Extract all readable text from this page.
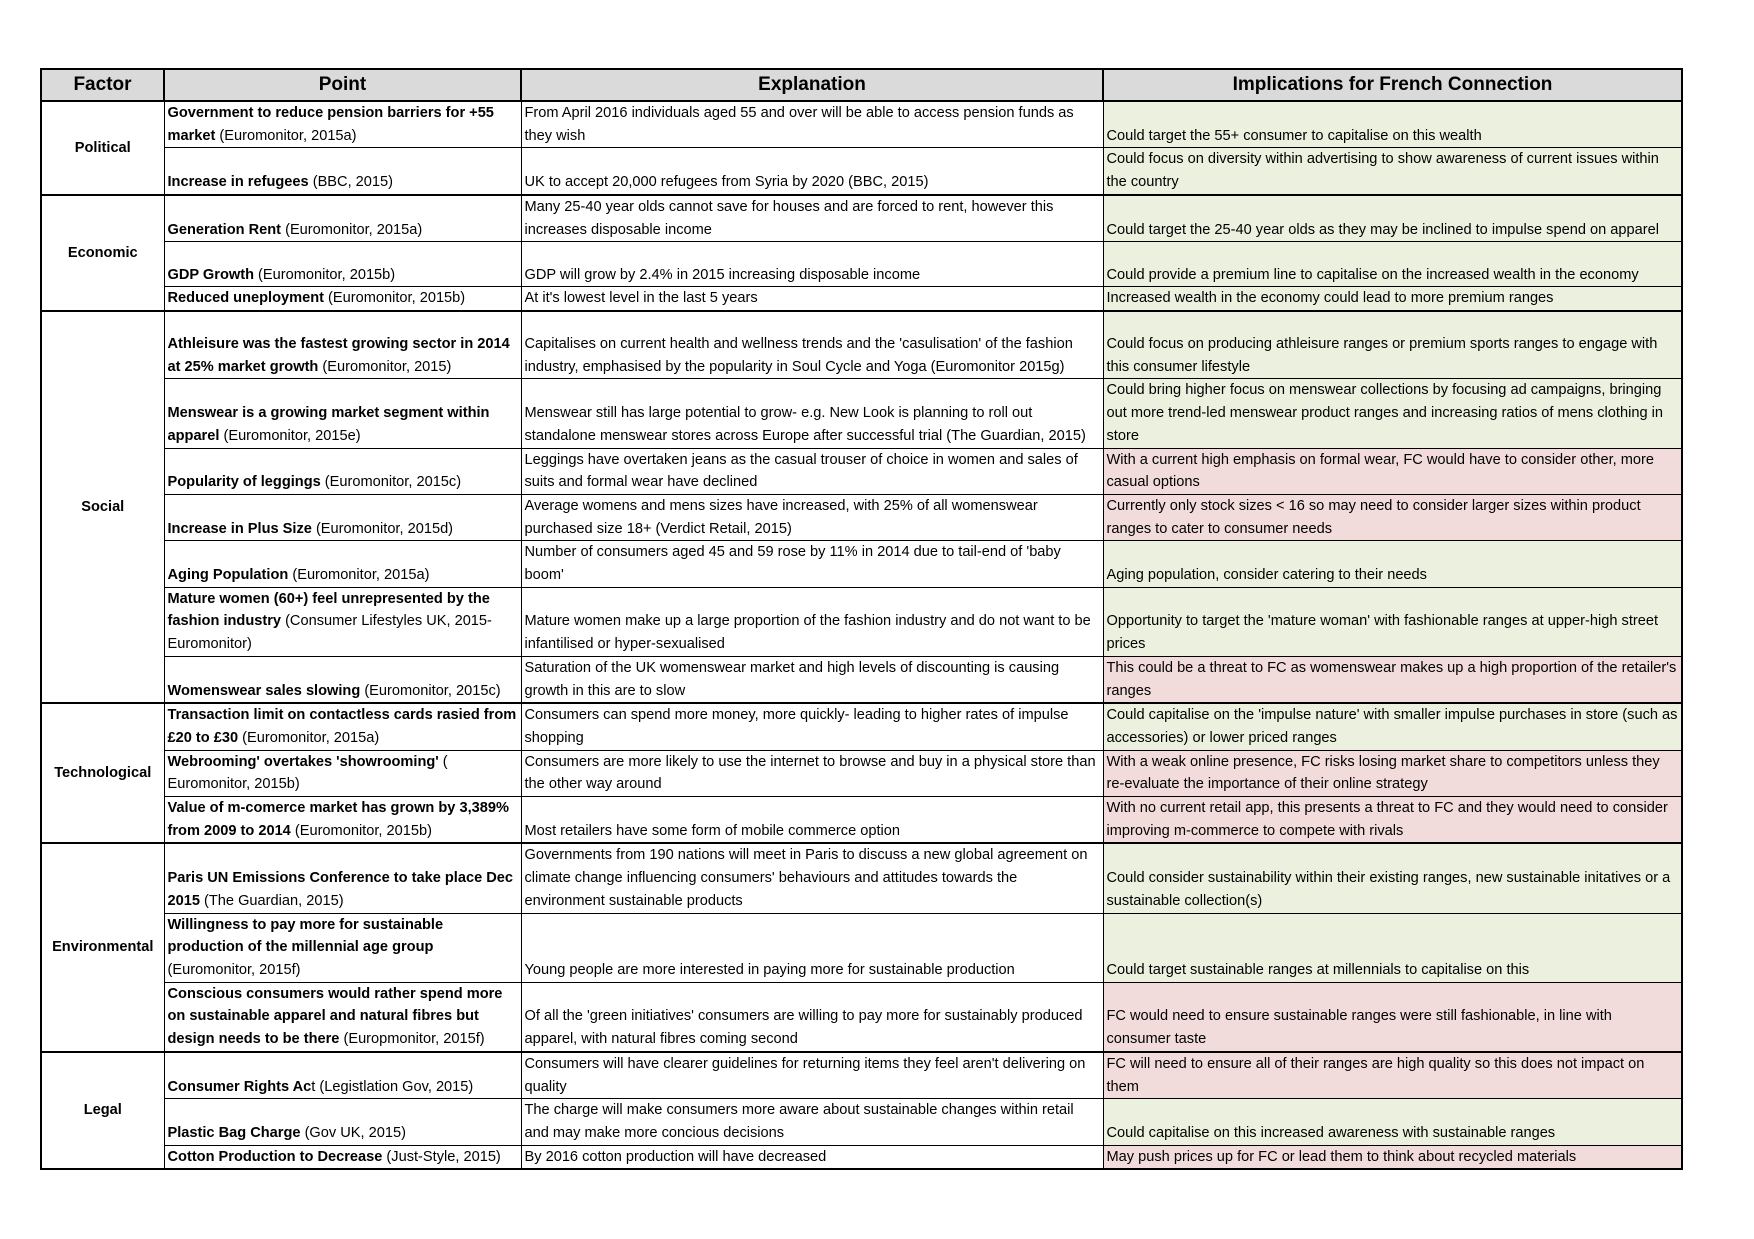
Factor	Point	Explanation	Implications for French Connection
Political	Government to reduce pension barriers for +55 market (Euromonitor, 2015a)	From April 2016 individuals aged 55 and over will be able to access pension funds as they wish	Could target the 55+ consumer to capitalise on this wealth
	Increase in refugees (BBC, 2015)	UK to accept 20,000 refugees from Syria by 2020 (BBC, 2015)	Could focus on diversity within advertising to show awareness of current issues within the country
Economic	Generation Rent (Euromonitor, 2015a)	Many 25-40 year olds cannot save for houses and are forced to rent, however this increases disposable income	Could target the 25-40 year olds as they may be inclined to impulse spend on apparel
	GDP Growth (Euromonitor, 2015b)	GDP will grow by 2.4% in 2015 increasing disposable income	Could provide a premium line to capitalise on the increased wealth in the economy
	Reduced uneployment (Euromonitor, 2015b)	At it's lowest level in the last 5 years	Increased wealth in the economy could lead to more premium ranges
Social	Athleisure was the fastest growing sector in 2014 at 25% market growth (Euromonitor, 2015)	Capitalises on current health and wellness trends and the 'casulisation' of the fashion industry, emphasised by the popularity in Soul Cycle and Yoga (Euromonitor 2015g)	Could focus on producing athleisure ranges or premium sports ranges to engage with this consumer lifestyle
	Menswear is a growing market segment within apparel (Euromonitor, 2015e)	Menswear still has large potential to grow- e.g. New Look is planning to roll out standalone menswear stores across Europe after successful trial (The Guardian, 2015)	Could bring higher focus on menswear collections by focusing ad campaigns, bringing out more trend-led menswear product ranges and increasing ratios of mens clothing in store
	Popularity of leggings (Euromonitor, 2015c)	Leggings have overtaken jeans as the casual trouser of choice in women and sales of suits and formal wear have declined	With a current high emphasis on formal wear, FC would have to consider other, more casual options
	Increase in Plus Size (Euromonitor, 2015d)	Average womens and mens sizes have increased, with 25% of all womenswear purchased size 18+ (Verdict Retail, 2015)	Currently only stock sizes < 16 so may need to consider larger sizes within product ranges to cater to consumer needs
	Aging Population (Euromonitor, 2015a)	Number of consumers aged 45 and 59 rose by 11% in 2014 due to tail-end of 'baby boom'	Aging population, consider catering to their needs
	Mature women (60+) feel unrepresented by the fashion industry (Consumer Lifestyles UK, 2015- Euromonitor)	Mature women make up a large proportion of the fashion industry and do not want to be infantilised or hyper-sexualised	Opportunity to target the 'mature woman' with fashionable ranges at upper-high street prices
	Womenswear sales slowing (Euromonitor, 2015c)	Saturation of the UK womenswear market and high levels of discounting is causing growth in this are to slow	This could be a threat to FC as womenswear makes up a high proportion of the retailer's ranges
Technological	Transaction limit on contactless cards rasied from £20 to £30 (Euromonitor, 2015a)	Consumers can spend more money, more quickly- leading to higher rates of impulse shopping	Could capitalise on the 'impulse nature' with smaller impulse purchases in store (such as accessories) or lower priced ranges
	Webrooming' overtakes 'showrooming' ( Euromonitor, 2015b)	Consumers are more likely to use the internet to browse and buy in a physical store than the other way around	With a weak online presence, FC risks losing market share to competitors unless they re-evaluate the importance of their online strategy
	Value of m-comerce market has grown by 3,389% from 2009 to 2014 (Euromonitor, 2015b)	Most retailers have some form of mobile commerce option	With no current retail app, this presents a threat to FC and they would need to consider improving m-commerce to compete with rivals
Environmental	Paris UN Emissions Conference to take place Dec 2015 (The Guardian, 2015)	Governments from 190 nations will meet in Paris to discuss a new global agreement on climate change influencing consumers' behaviours and attitudes towards the environment sustainable products	Could consider sustainability within their existing ranges, new sustainable initatives or a sustainable collection(s)
	Willingness to pay more for sustainable production of the millennial age group (Euromonitor, 2015f)	Young people are more interested in paying more for sustainable production	Could target sustainable ranges at millennials to capitalise on this
	Conscious consumers would rather spend more on sustainable apparel and natural fibres but design needs to be there (Europmonitor, 2015f)	Of all the 'green initiatives' consumers are willing to pay more for sustainably produced apparel, with natural fibres coming second	FC would need to ensure sustainable ranges were still fashionable, in line with consumer taste
Legal	Consumer Rights Act (Legistlation Gov, 2015)	Consumers will have clearer guidelines for returning items they feel aren't delivering on quality	FC will need to ensure all of their ranges are high quality so this does not impact on them
	Plastic Bag Charge (Gov UK, 2015)	The charge will make consumers more aware about sustainable changes within retail and may make more concious decisions	Could capitalise on this increased awareness with sustainable ranges
	Cotton Production to Decrease (Just-Style, 2015)	By 2016 cotton production will have decreased	May push prices up for FC or lead them to think about recycled materials
